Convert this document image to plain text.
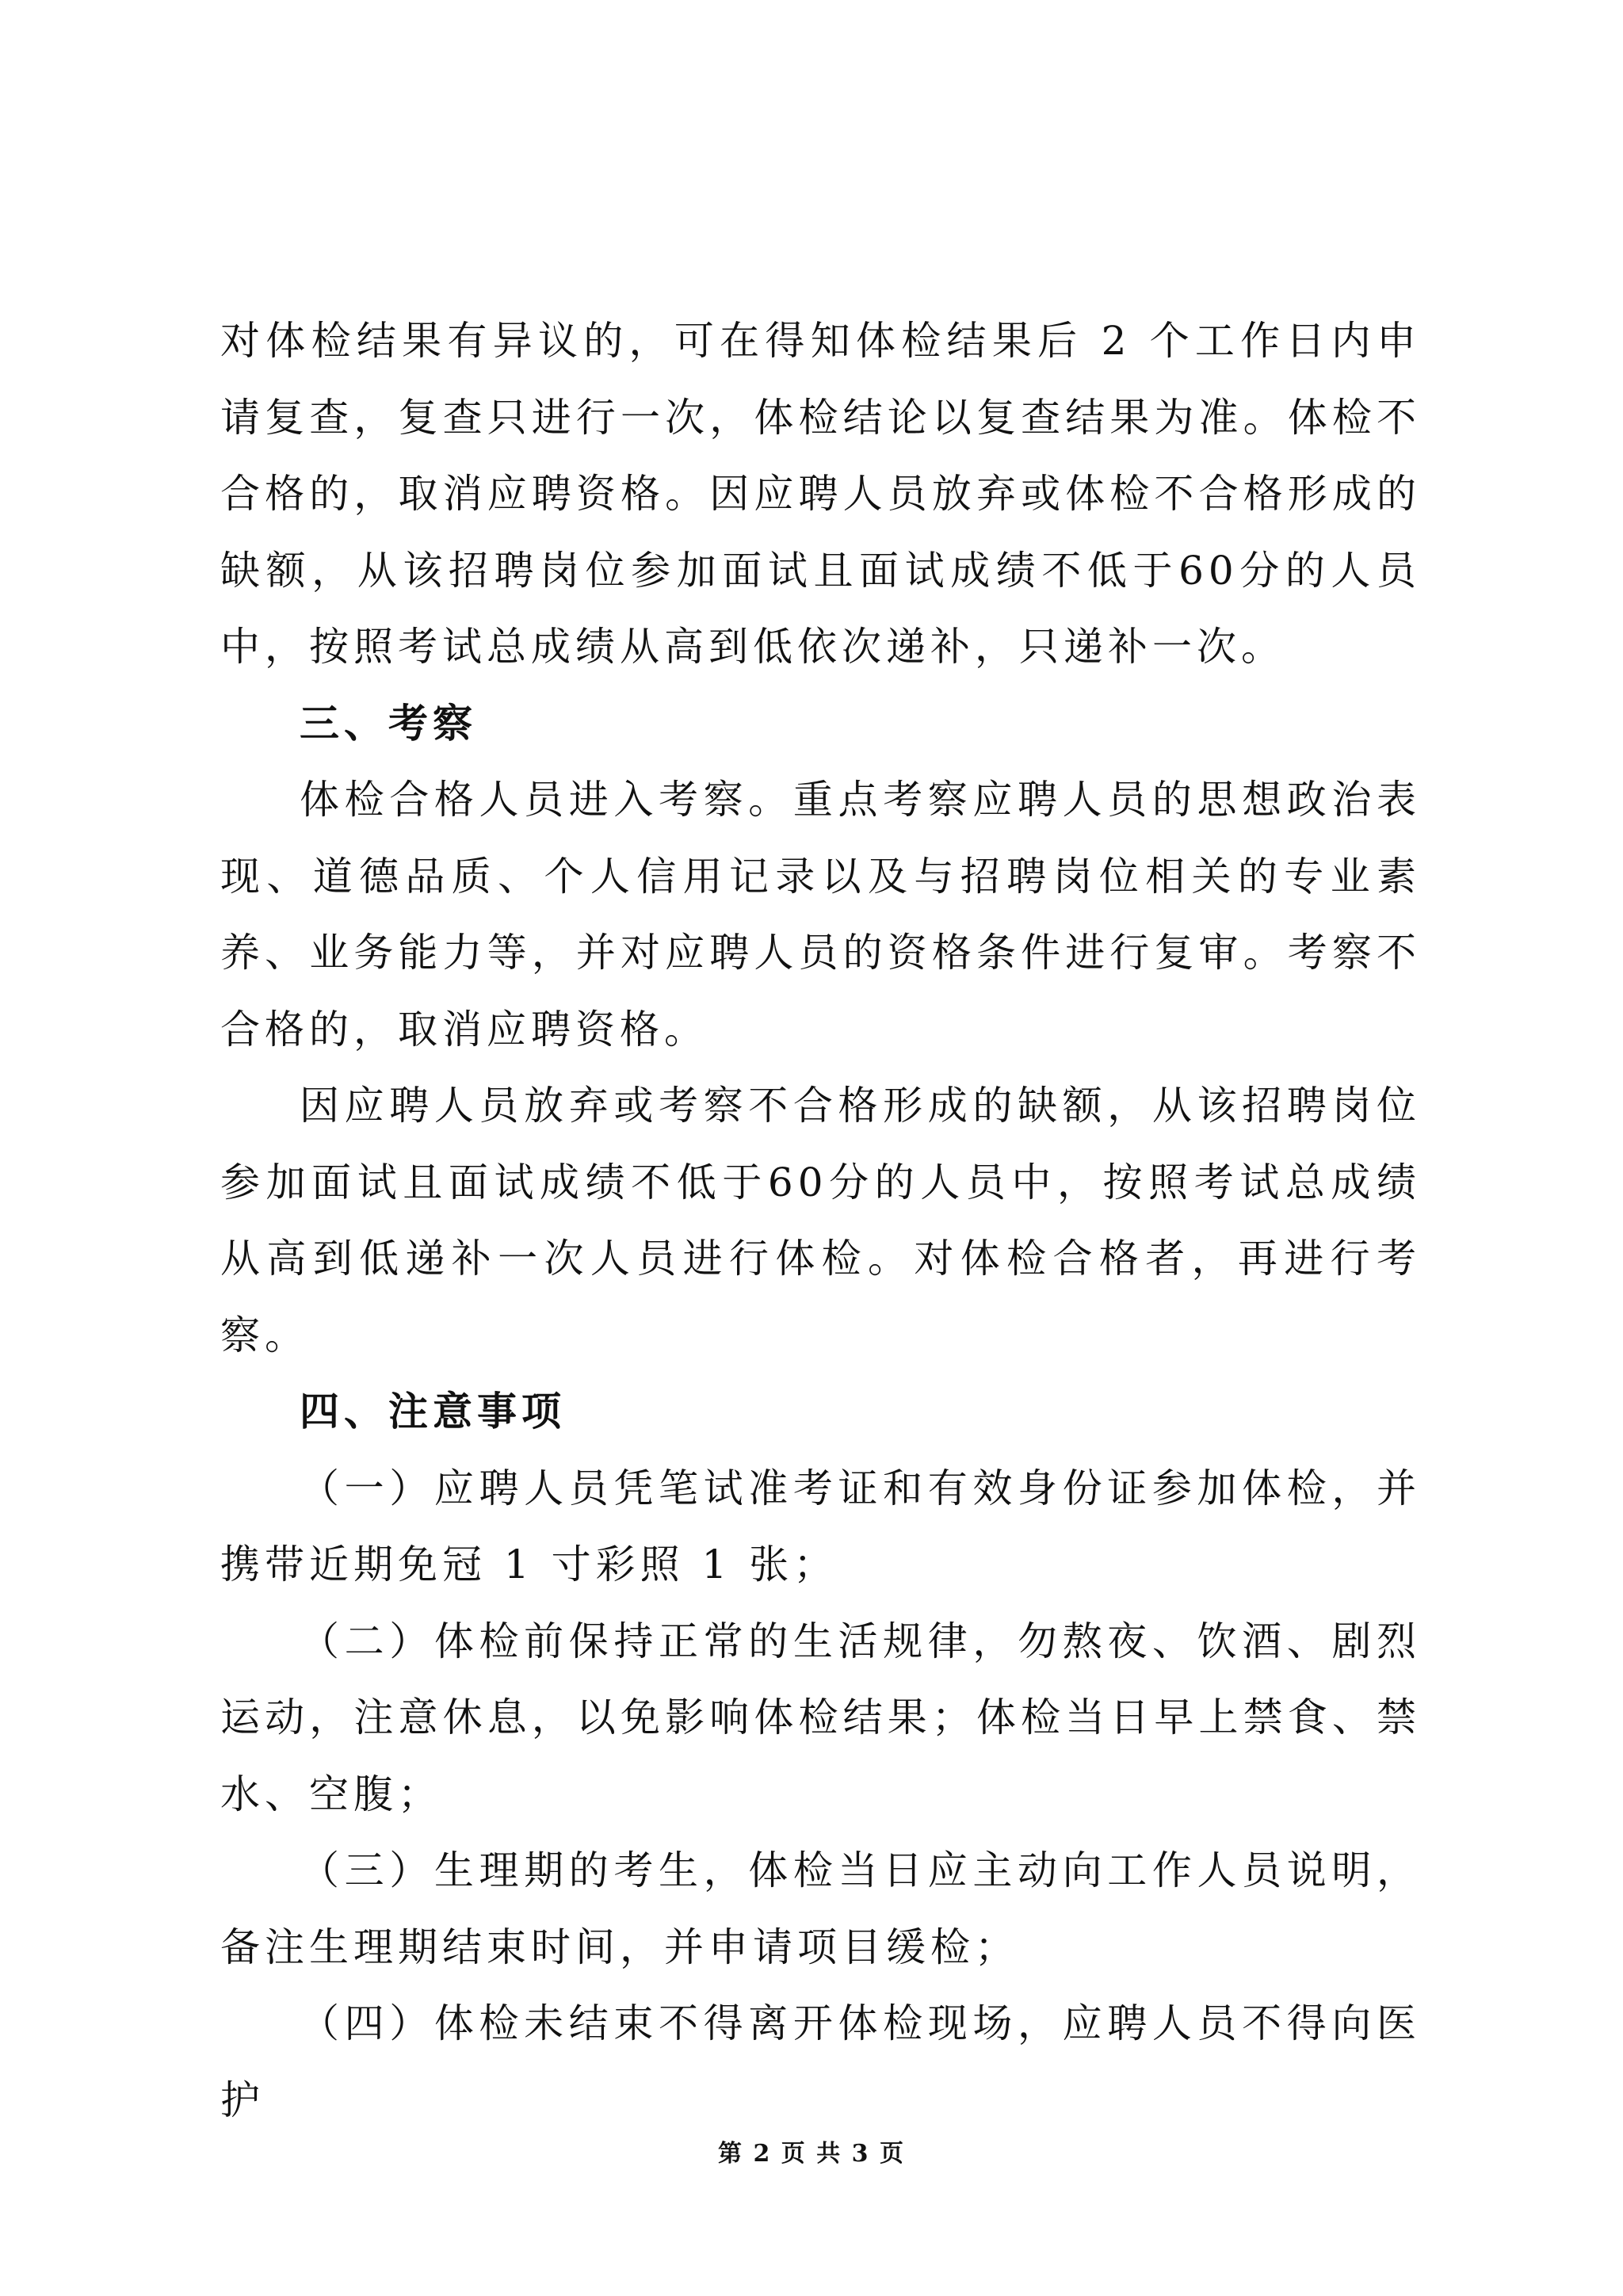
对体检结果有异议的，可在得知体检结果后 2 个工作日内申请复查，复查只进行一次，体检结论以复查结果为准。体检不合格的，取消应聘资格。因应聘人员放弃或体检不合格形成的缺额，从该招聘岗位参加面试且面试成绩不低于60分的人员中，按照考试总成绩从高到低依次递补，只递补一次。

三、考察

体检合格人员进入考察。重点考察应聘人员的思想政治表现、道德品质、个人信用记录以及与招聘岗位相关的专业素养、业务能力等，并对应聘人员的资格条件进行复审。考察不合格的，取消应聘资格。

因应聘人员放弃或考察不合格形成的缺额，从该招聘岗位参加面试且面试成绩不低于60分的人员中，按照考试总成绩从高到低递补一次人员进行体检。对体检合格者，再进行考察。

四、注意事项

（一）应聘人员凭笔试准考证和有效身份证参加体检，并携带近期免冠 1 寸彩照 1 张；

（二）体检前保持正常的生活规律，勿熬夜、饮酒、剧烈运动，注意休息，以免影响体检结果；体检当日早上禁食、禁水、空腹；

（三）生理期的考生，体检当日应主动向工作人员说明，备注生理期结束时间，并申请项目缓检；

（四）体检未结束不得离开体检现场，应聘人员不得向医护

第 2 页 共 3 页
